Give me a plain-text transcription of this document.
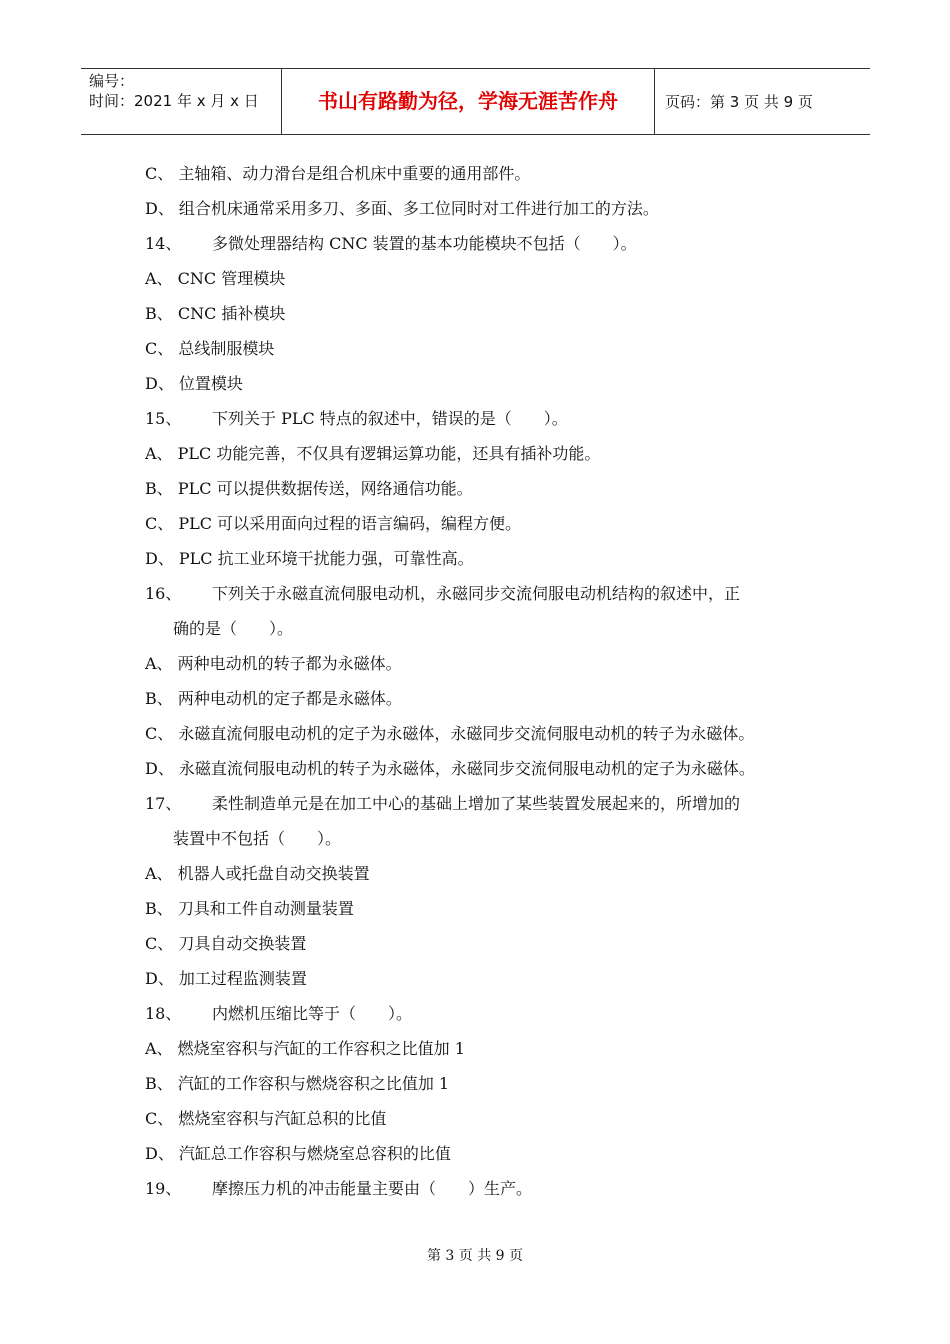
编号：
时间：2021 年 x 月 x 日	书山有路勤为径，学海无涯苦作舟	页码：第 3 页 共 9 页
C、 主轴箱、动力滑台是组合机床中重要的通用部件。
D、 组合机床通常采用多刀、多面、多工位同时对工件进行加工的方法。
14、 多微处理器结构 CNC 装置的基本功能模块不包括（　　）。
A、 CNC 管理模块
B、 CNC 插补模块
C、 总线制服模块
D、 位置模块
15、 下列关于 PLC 特点的叙述中，错误的是（　　）。
A、 PLC 功能完善，不仅具有逻辑运算功能，还具有插补功能。
B、 PLC 可以提供数据传送，网络通信功能。
C、 PLC 可以采用面向过程的语言编码，编程方便。
D、 PLC 抗工业环境干扰能力强，可靠性高。
16、 下列关于永磁直流伺服电动机，永磁同步交流伺服电动机结构的叙述中，正
确的是（　　）。
A、 两种电动机的转子都为永磁体。
B、 两种电动机的定子都是永磁体。
C、 永磁直流伺服电动机的定子为永磁体，永磁同步交流伺服电动机的转子为永磁体。
D、 永磁直流伺服电动机的转子为永磁体，永磁同步交流伺服电动机的定子为永磁体。
17、 柔性制造单元是在加工中心的基础上增加了某些装置发展起来的，所增加的
装置中不包括（　　）。
A、 机器人或托盘自动交换装置
B、 刀具和工件自动测量装置
C、 刀具自动交换装置
D、 加工过程监测装置
18、 内燃机压缩比等于（　　）。
A、 燃烧室容积与汽缸的工作容积之比值加 1
B、 汽缸的工作容积与燃烧容积之比值加 1
C、 燃烧室容积与汽缸总积的比值
D、 汽缸总工作容积与燃烧室总容积的比值
19、 摩擦压力机的冲击能量主要由（　　）生产。
第 3 页 共 9 页
